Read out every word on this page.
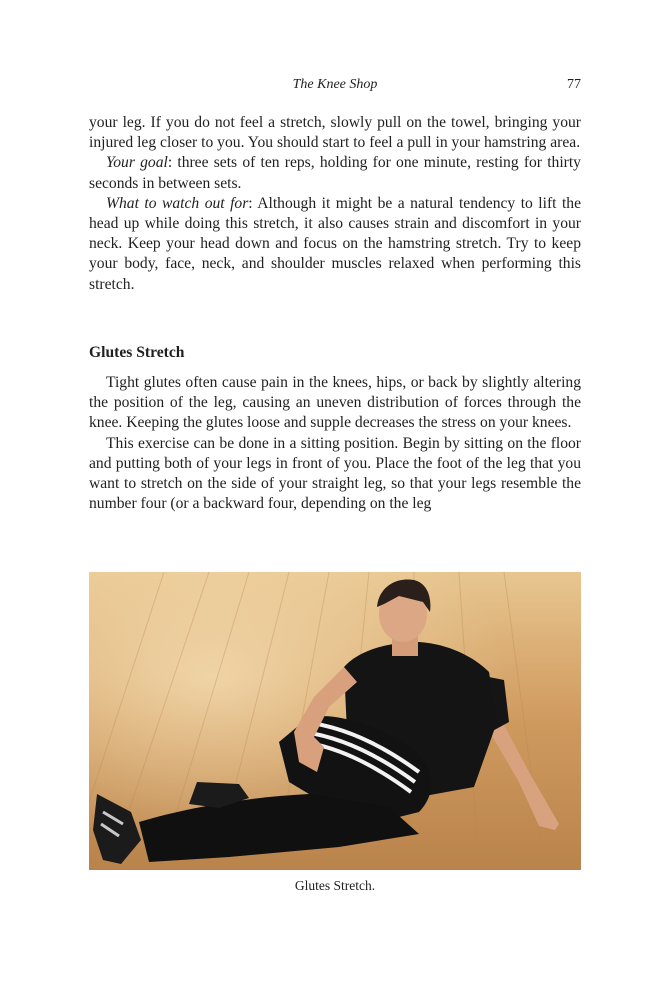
The Knee Shop	77

your leg. If you do not feel a stretch, slowly pull on the towel, bringing your injured leg closer to you. You should start to feel a pull in your hamstring area.

Your goal: three sets of ten reps, holding for one minute, resting for thirty seconds in between sets.

What to watch out for: Although it might be a natural tendency to lift the head up while doing this stretch, it also causes strain and discomfort in your neck. Keep your head down and focus on the hamstring stretch. Try to keep your body, face, neck, and shoulder muscles relaxed when performing this stretch.

Glutes Stretch

Tight glutes often cause pain in the knees, hips, or back by slightly altering the position of the leg, causing an uneven distribution of forces through the knee. Keeping the glutes loose and supple decreases the stress on your knees.

This exercise can be done in a sitting position. Begin by sitting on the floor and putting both of your legs in front of you. Place the foot of the leg that you want to stretch on the side of your straight leg, so that your legs resemble the number four (or a backward four, depending on the leg

Glutes Stretch.
